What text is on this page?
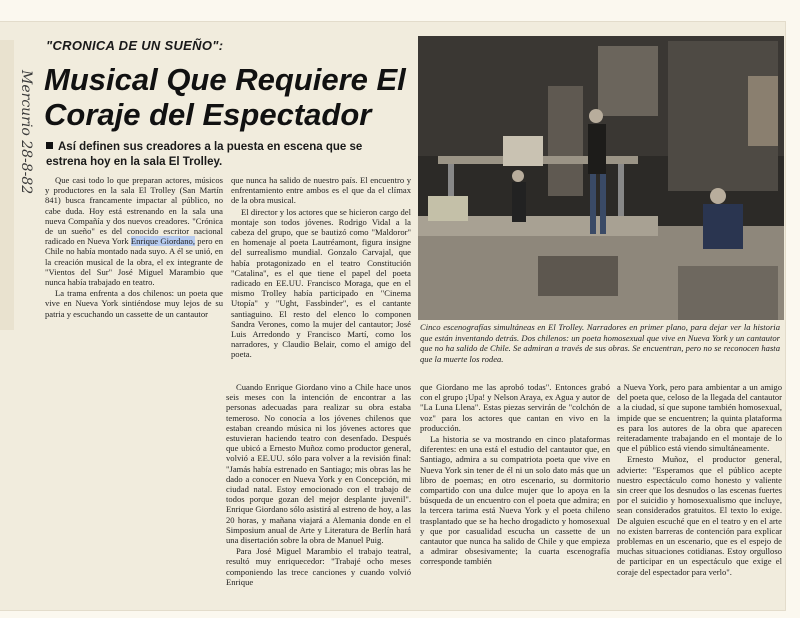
Mercurio 28-8-82
"CRONICA DE UN SUEÑO":
Musical Que Requiere El Coraje del Espectador
Así definen sus creadores a la puesta en escena que se estrena hoy en la sala El Trolley.

Que casi todo lo que preparan actores, músicos y productores en la sala El Trolley (San Martín 841) busca francamente impactar al público, no cabe duda. Hoy está estrenando en la sala una nueva Compañía y dos nuevos creadores. "Crónica de un sueño" es del conocido escritor nacional radicado en Nueva York Enrique Giordano, pero en Chile no había montado nada suyo. A él se unió, en la creación musical de la obra, el ex integrante de "Vientos del Sur" José Miguel Marambio que nunca había trabajado en teatro.

La trama enfrenta a dos chilenos: un poeta que vive en Nueva York sintiéndose muy lejos de su patria y escuchando un cassette de un cantautor

que nunca ha salido de nuestro país. El encuentro y enfrentamiento entre ambos es el que da el clímax de la obra musical.

El director y los actores que se hicieron cargo del montaje son todos jóvenes. Rodrigo Vidal a la cabeza del grupo, que se bautizó como "Maldoror" en homenaje al poeta Lautréamont, figura insigne del surrealismo mundial. Gonzalo Carvajal, que había protagonizado en el teatro Constitución "Catalina", es el que tiene el papel del poeta radicado en EE.UU. Francisco Moraga, que en el mismo Trolley había participado en "Cinema Utopía" y "Ught, Fassbinder", es el cantante santiaguino. El resto del elenco lo componen Sandra Verones, como la mujer del cantautor; José Luis Arredondo y Francisco Martí, como los narradores, y Claudio Belair, como el amigo del poeta.

Cinco escenografías simultáneas en El Trolley. Narradores en primer plano, para dejar ver la historia que están inventando detrás. Dos chilenos: un poeta homosexual que vive en Nueva York y un cantautor que no ha salido de Chile. Se admiran a través de sus obras. Se encuentran, pero no se reconocen hasta que la muerte los rodea.

Cuando Enrique Giordano vino a Chile hace unos seis meses con la intención de encontrar a las personas adecuadas para realizar su obra estaba temeroso. No conocía a los jóvenes chilenos que estaban creando música ni los jóvenes actores que estuvieran haciendo teatro con desenfado. Después que ubicó a Ernesto Muñoz como productor general, volvió a EE.UU. sólo para volver a la revisión final: "Jamás había estrenado en Santiago; mis obras las he dado a conocer en Nueva York y en Concepción, mi ciudad natal. Estoy emocionado con el trabajo de todos porque gozan del mejor desplante juvenil". Enrique Giordano sólo asistirá al estreno de hoy, a las 20 horas, y mañana viajará a Alemania donde en el Simposium anual de Arte y Literatura de Berlín hará una disertación sobre la obra de Manuel Puig.

Para José Miguel Marambio el trabajo teatral, resultó muy enriquecedor: "Trabajé ocho meses componiendo las trece canciones y cuando volvió Enrique

que Giordano me las aprobó todas". Entonces grabó con el grupo ¡Upa! y Nelson Araya, ex Agua y autor de "La Luna Llena". Estas piezas servirán de "colchón de voz" para los actores que cantan en vivo en la producción.

La historia se va mostrando en cinco plataformas diferentes: en una está el estudio del cantautor que, en Santiago, admira a su compatriota poeta que vive en Nueva York sin tener de él ni un solo dato más que un libro de poemas; en otro escenario, su dormitorio compartido con una dulce mujer que lo apoya en la búsqueda de un encuentro con el poeta que admira; en la tercera tarima está Nueva York y el poeta chileno trasplantado que se ha hecho drogadicto y homosexual y que por casualidad escucha un cassette de un cantautor que nunca ha salido de Chile y que empieza a admirar obsesivamente; la cuarta escenografía corresponde también

a Nueva York, pero para ambientar a un amigo del poeta que, celoso de la llegada del cantautor a la ciudad, sí que supone también homosexual, impide que se encuentren; la quinta plataforma es para los autores de la obra que aparecen reiteradamente trabajando en el montaje de lo que el público está viendo simultáneamente.

Ernesto Muñoz, el productor general, advierte: "Esperamos que el público acepte nuestro espectáculo como honesto y valiente sin creer que los desnudos o las escenas fuertes por el suicidio y homosexualismo que incluye, sean considerados gratuitos. El texto lo exige. De alguien escuché que en el teatro y en el arte no existen barreras de contención para explicar problemas en un escenario, que es el espejo de muchas situaciones cotidianas. Estoy orgulloso de participar en un espectáculo que exige el coraje del espectador para verlo".
